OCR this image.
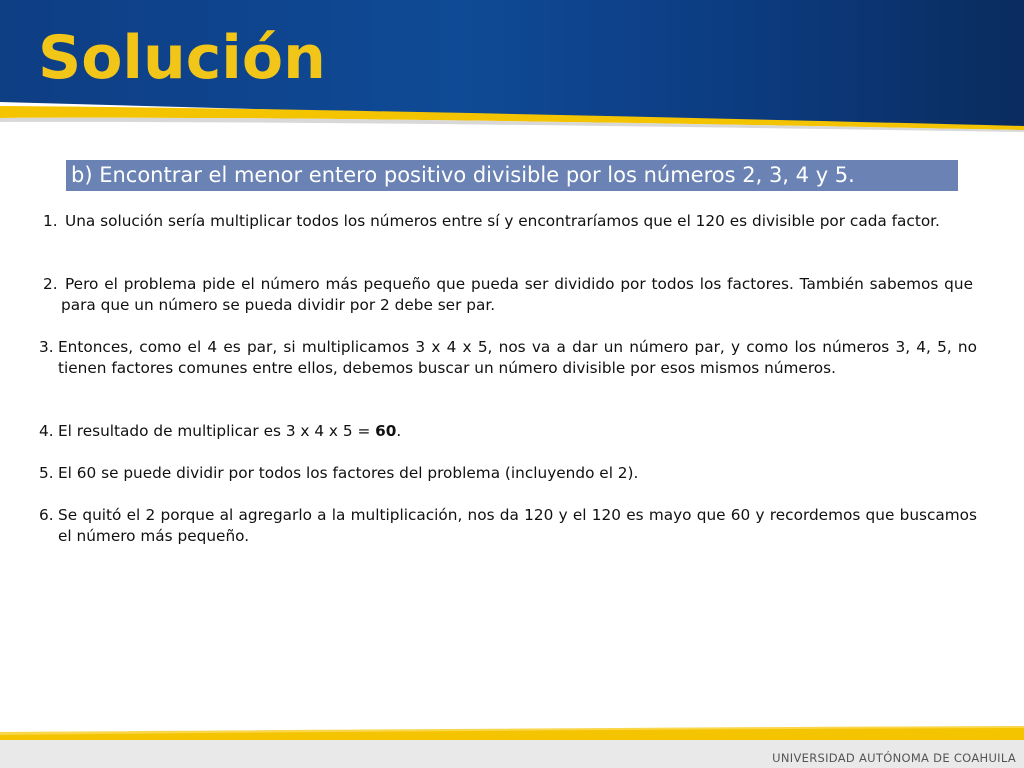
Solución
b) Encontrar el menor entero positivo divisible por los números 2, 3, 4 y 5.
1. Una solución sería multiplicar todos los números entre sí y encontraríamos que el 120 es divisible por cada factor.
2. Pero el problema pide el número más pequeño que pueda ser dividido por todos los factores. También sabemos que para que un número se pueda dividir por 2 debe ser par.
3. Entonces, como el 4 es par, si multiplicamos 3 x 4 x 5, nos va a dar un número par, y como los números 3, 4, 5, no tienen factores comunes entre ellos, debemos buscar un número divisible por esos mismos números.
4. El resultado de multiplicar es 3 x 4 x 5 = 60.
5. El 60 se puede dividir por todos los factores del problema (incluyendo el 2).
6. Se quitó el 2 porque al agregarlo a la multiplicación, nos da 120 y el 120 es mayo que 60 y recordemos que buscamos el número más pequeño.
UNIVERSIDAD AUTÓNOMA DE COAHUILA
